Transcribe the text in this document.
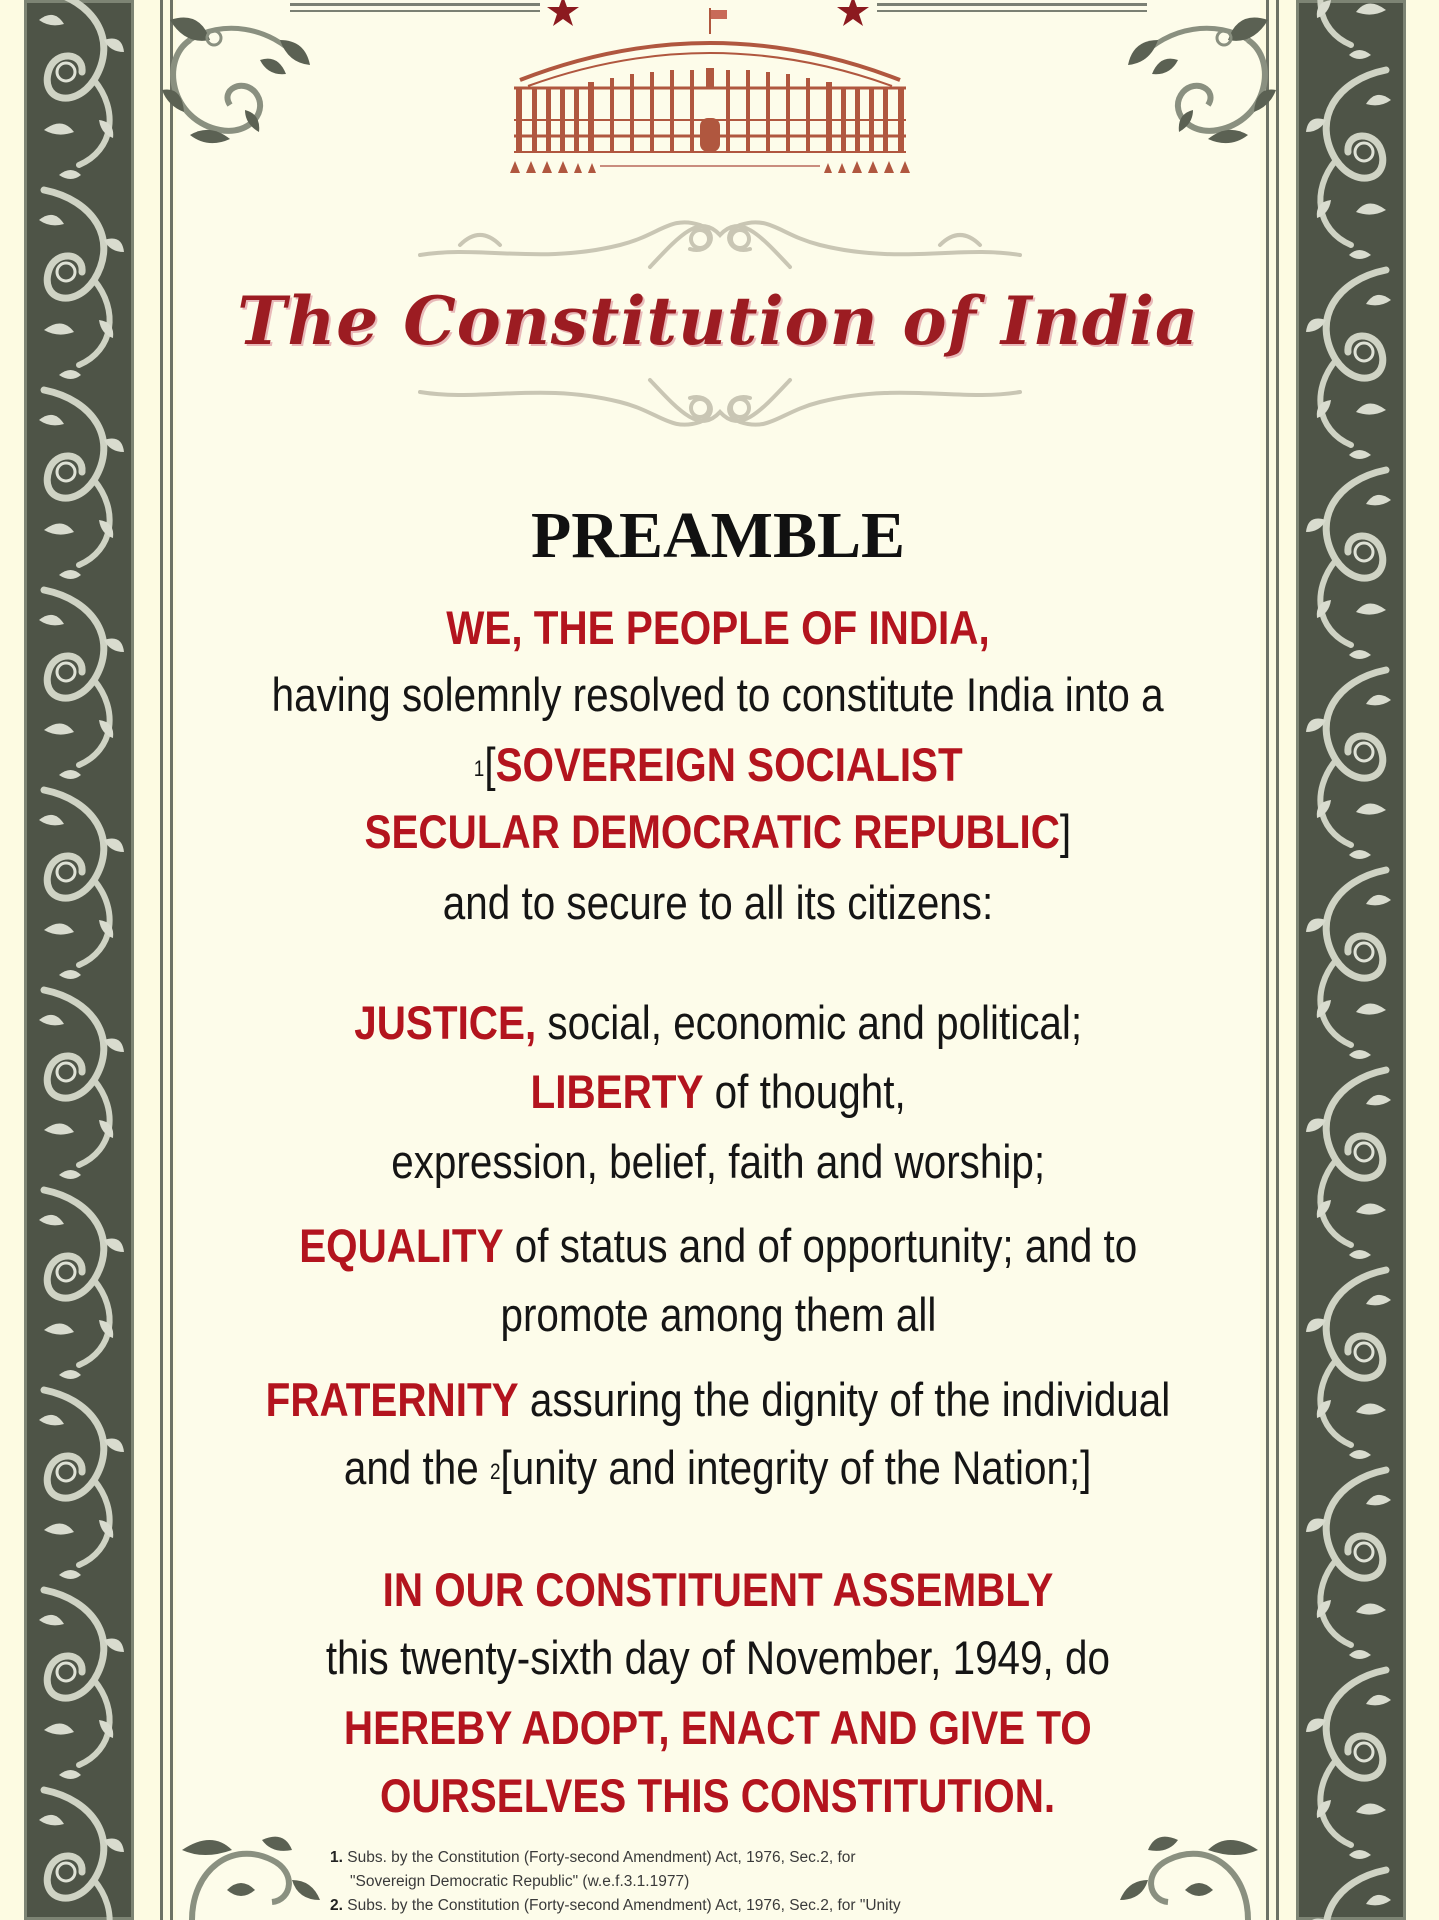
The Constitution of India
PREAMBLE
WE, THE PEOPLE OF INDIA,
having solemnly resolved to constitute India into a
$^1$[SOVEREIGN SOCIALIST
SECULAR DEMOCRATIC REPUBLIC]
and to secure to all its citizens:
JUSTICE, social, economic and political;
LIBERTY of thought,
expression, belief, faith and worship;
EQUALITY of status and of opportunity; and to
promote among them all
FRATERNITY assuring the dignity of the individual
and the $^2$[unity and integrity of the Nation;]
IN OUR CONSTITUENT ASSEMBLY
this twenty-sixth day of November, 1949, do
HEREBY ADOPT, ENACT AND GIVE TO
OURSELVES THIS CONSTITUTION.
1. Subs. by the Constitution (Forty-second Amendment) Act, 1976, Sec.2, for
"Sovereign Democratic Republic" (w.e.f.3.1.1977)
2. Subs. by the Constitution (Forty-second Amendment) Act, 1976, Sec.2, for "Unity
